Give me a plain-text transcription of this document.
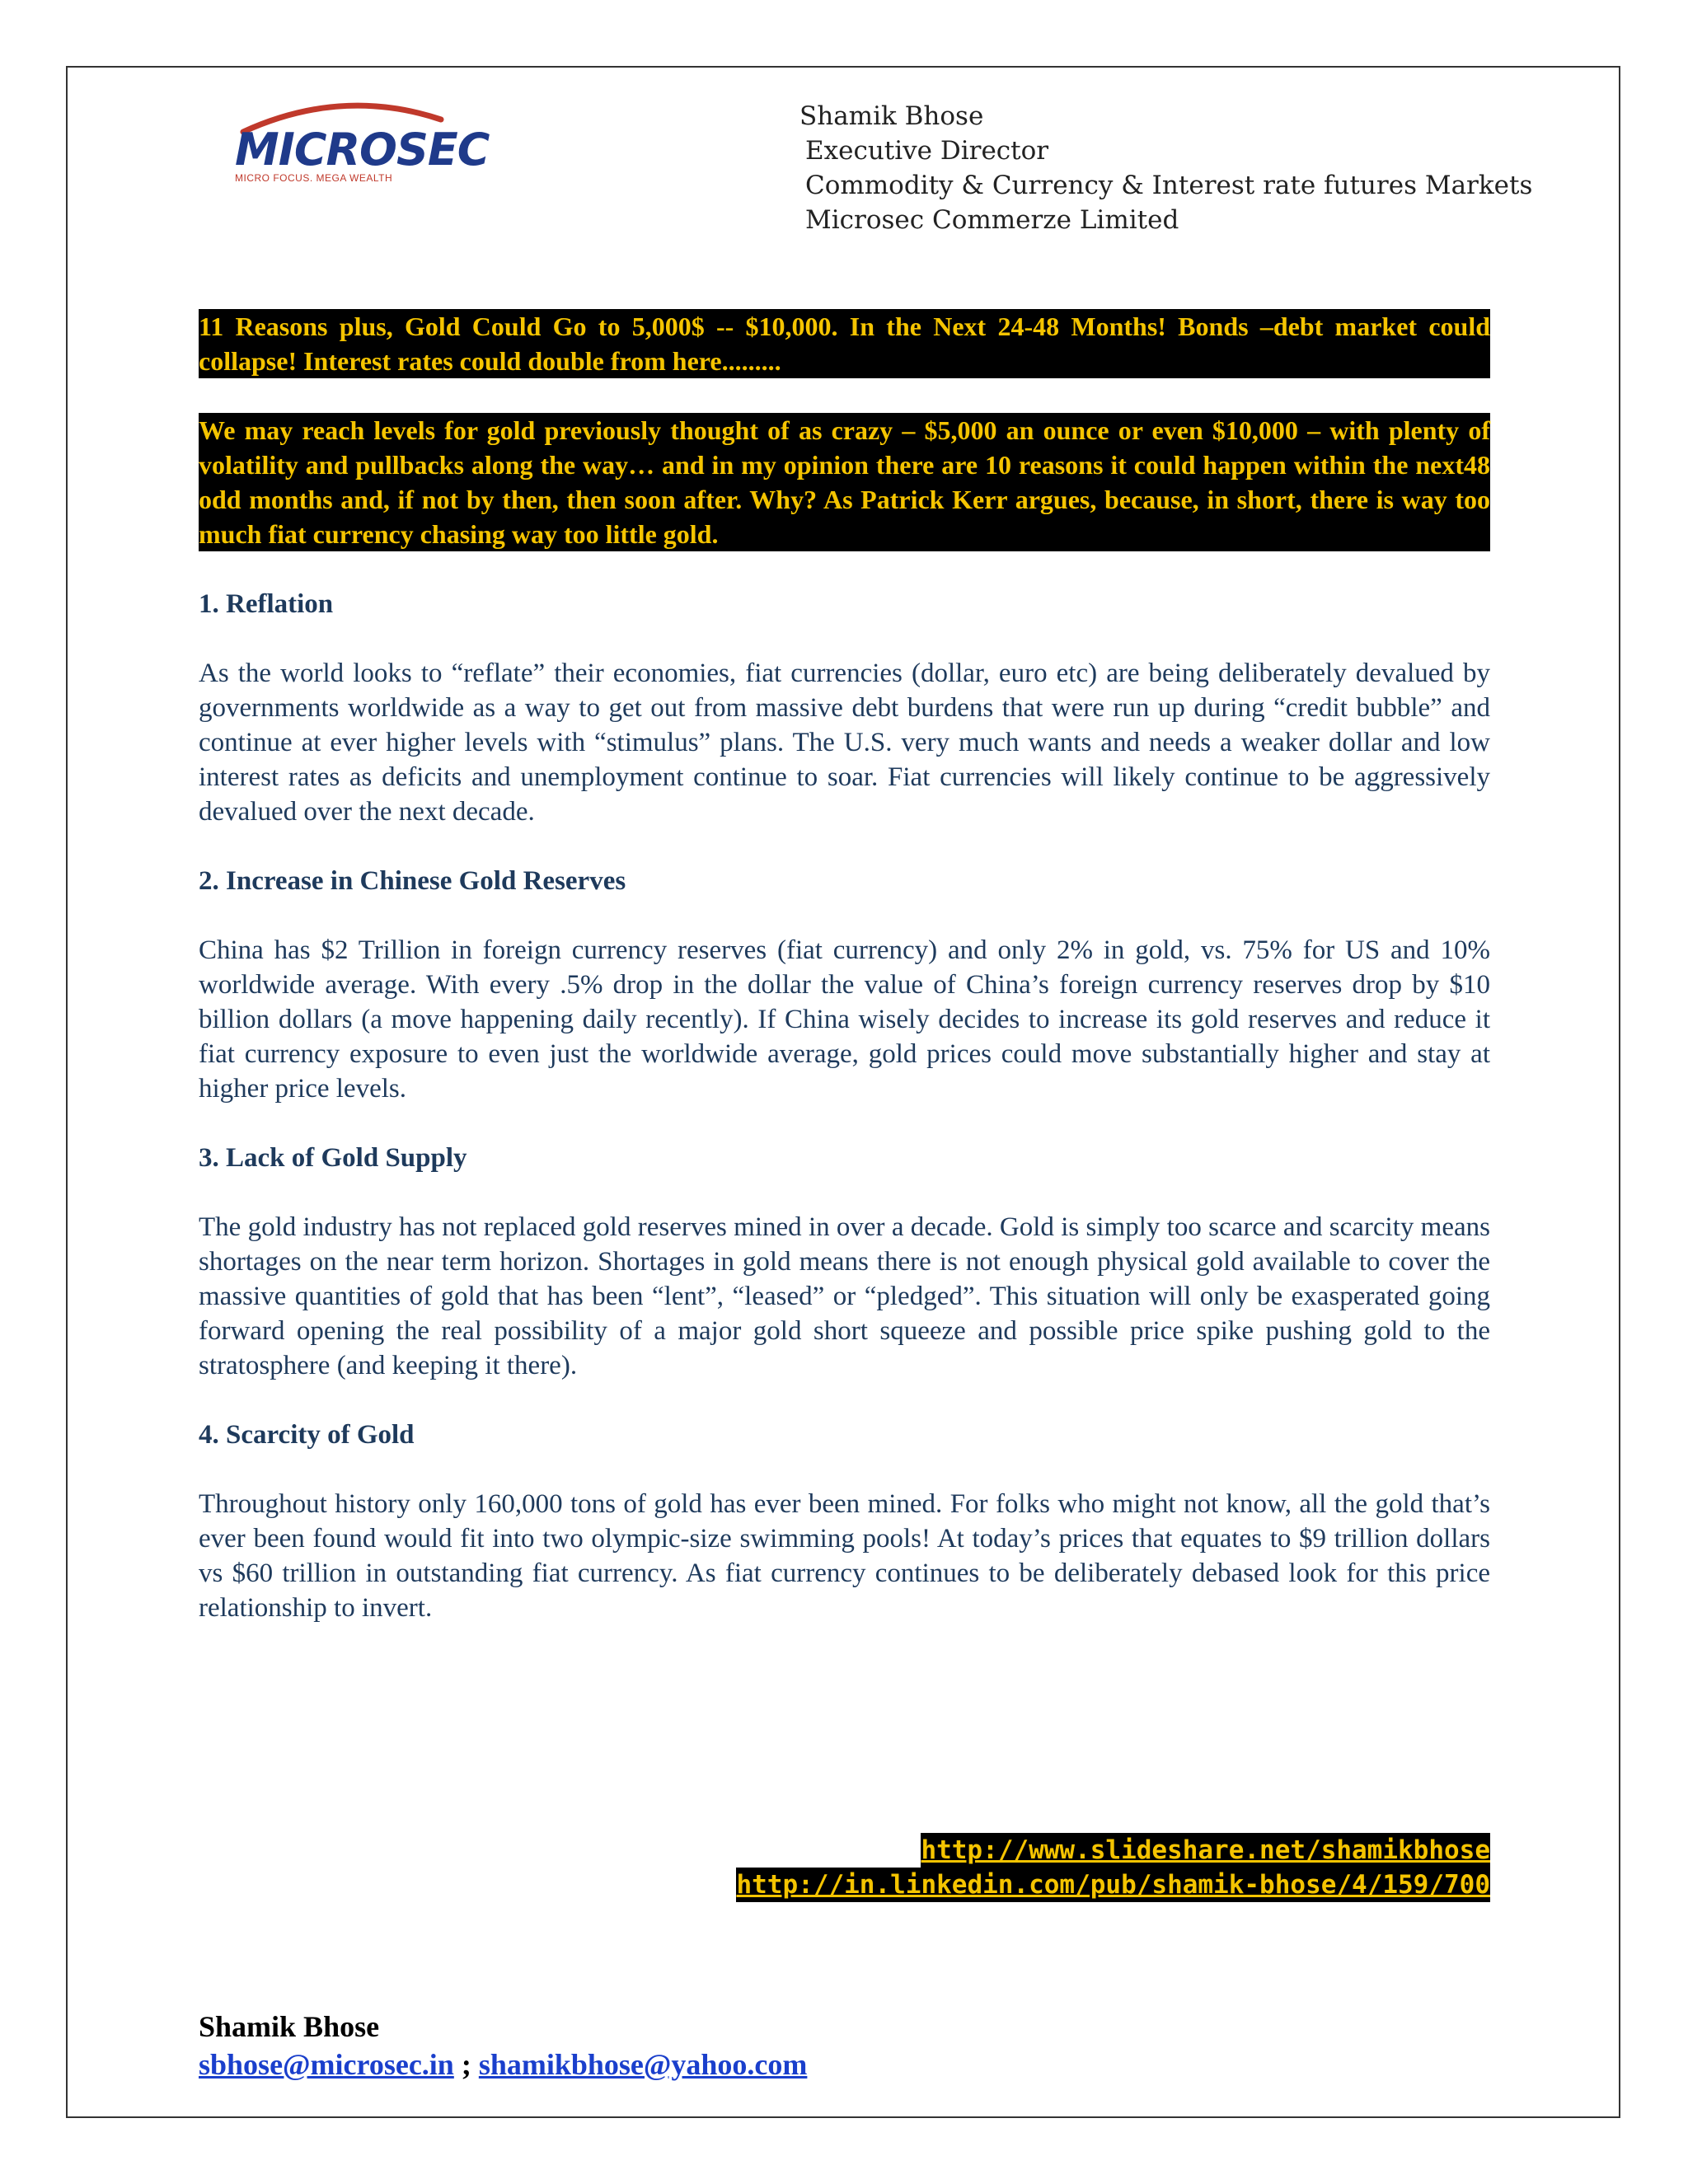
MICROSEC
MICRO FOCUS. MEGA WEALTH
Shamik Bhose
Executive Director
Commodity & Currency & Interest rate futures Markets
Microsec Commerze Limited

11 Reasons plus, Gold Could Go to 5,000$ -- $10,000. In the Next 24-48 Months! Bonds –debt market could collapse! Interest rates could double from here.........

We may reach levels for gold previously thought of as crazy – $5,000 an ounce or even $10,000 – with plenty of volatility and pullbacks along the way… and in my opinion there are 10 reasons it could happen within the next48 odd months and, if not by then, then soon after. Why? As Patrick Kerr argues, because, in short, there is way too much fiat currency chasing way too little gold.

1. Reflation

As the world looks to “reflate” their economies, fiat currencies (dollar, euro etc) are being deliberately devalued by governments worldwide as a way to get out from massive debt burdens that were run up during “credit bubble” and continue at ever higher levels with “stimulus” plans. The U.S. very much wants and needs a weaker dollar and low interest rates as deficits and unemployment continue to soar. Fiat currencies will likely continue to be aggressively devalued over the next decade.

2. Increase in Chinese Gold Reserves

China has $2 Trillion in foreign currency reserves (fiat currency) and only 2% in gold, vs. 75% for US and 10% worldwide average. With every .5% drop in the dollar the value of China’s foreign currency reserves drop by $10 billion dollars (a move happening daily recently). If China wisely decides to increase its gold reserves and reduce it fiat currency exposure to even just the worldwide average, gold prices could move substantially higher and stay at higher price levels.

3. Lack of Gold Supply

The gold industry has not replaced gold reserves mined in over a decade. Gold is simply too scarce and scarcity means shortages on the near term horizon. Shortages in gold means there is not enough physical gold available to cover the massive quantities of gold that has been “lent”, “leased” or “pledged”. This situation will only be exasperated going forward opening the real possibility of a major gold short squeeze and possible price spike pushing gold to the stratosphere (and keeping it there).

4. Scarcity of Gold

Throughout history only 160,000 tons of gold has ever been mined. For folks who might not know, all the gold that’s ever been found would fit into two olympic-size swimming pools! At today’s prices that equates to $9 trillion dollars vs $60 trillion in outstanding fiat currency. As fiat currency continues to be deliberately debased look for this price relationship to invert.

http://www.slideshare.net/shamikbhose
http://in.linkedin.com/pub/shamik-bhose/4/159/700
Shamik Bhose
sbhose@microsec.in ; shamikbhose@yahoo.com
